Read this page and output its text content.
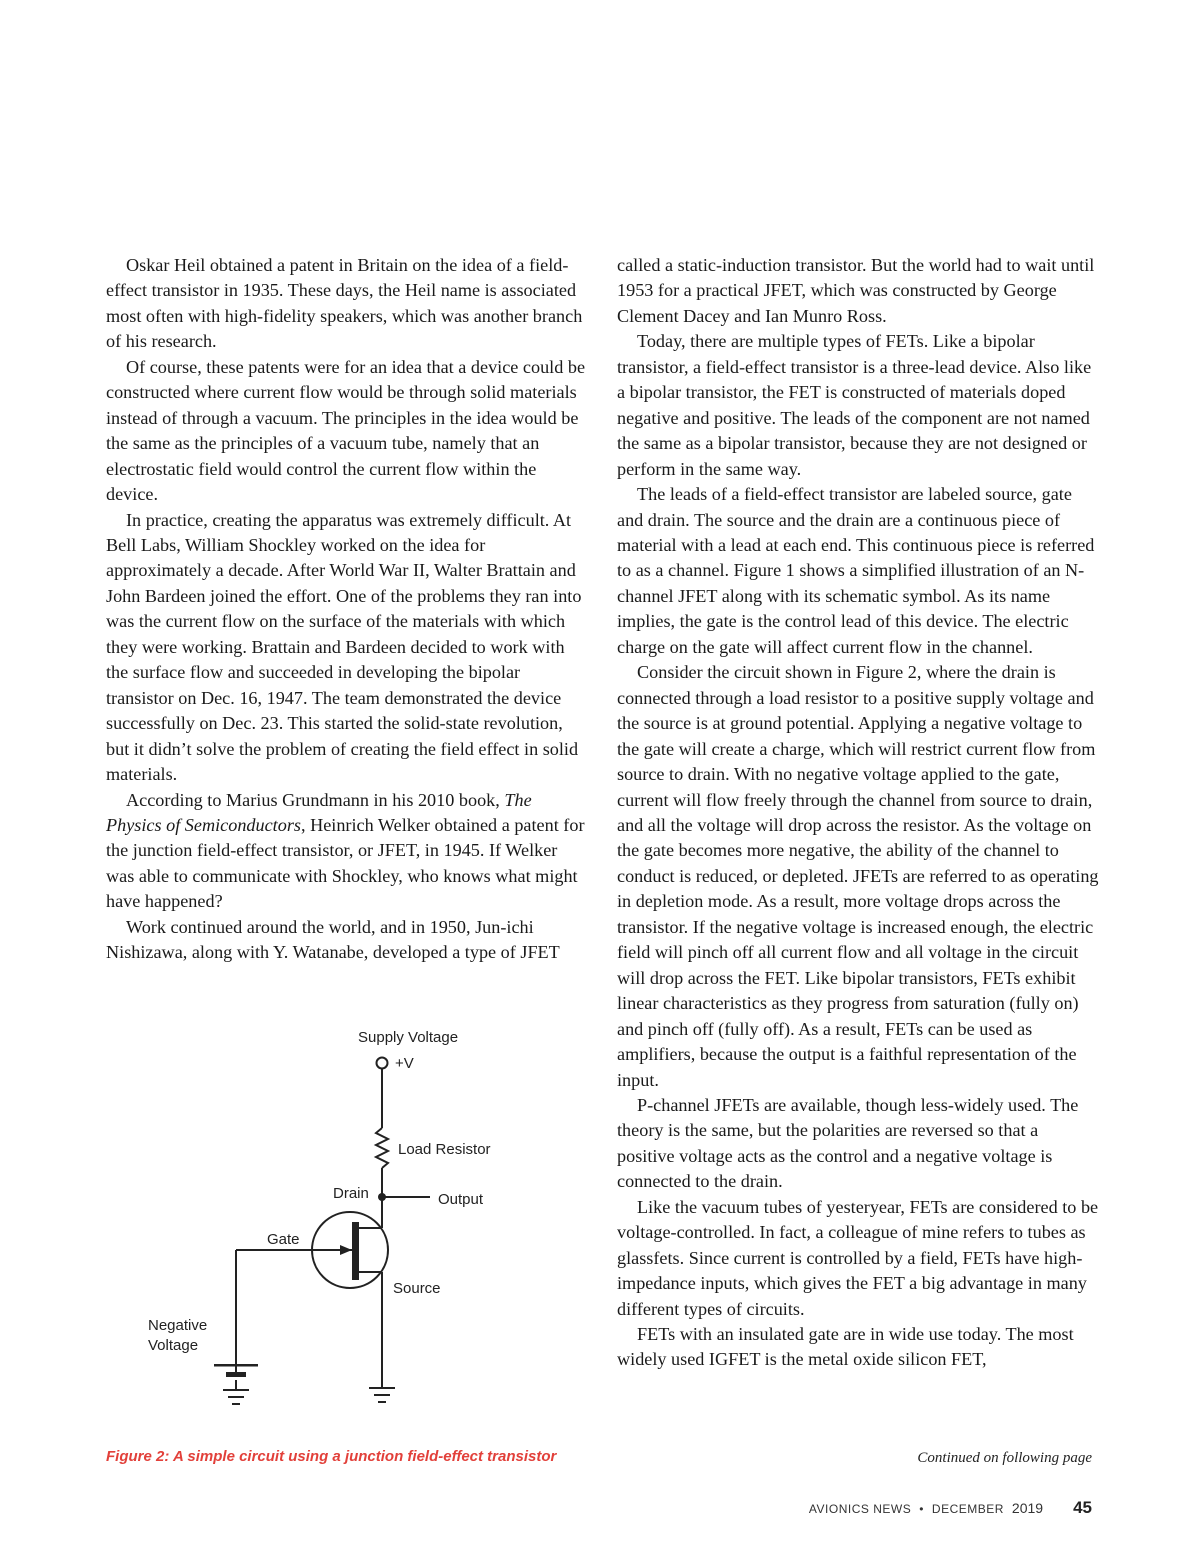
Oskar Heil obtained a patent in Britain on the idea of a field-effect transistor in 1935. These days, the Heil name is associated most often with high-fidelity speakers, which was another branch of his research.

Of course, these patents were for an idea that a device could be constructed where current flow would be through solid materials instead of through a vacuum. The principles in the idea would be the same as the principles of a vacuum tube, namely that an electrostatic field would control the current flow within the device.

In practice, creating the apparatus was extremely difficult. At Bell Labs, William Shockley worked on the idea for approximately a decade. After World War II, Walter Brattain and John Bardeen joined the effort. One of the problems they ran into was the current flow on the surface of the materials with which they were working. Brattain and Bardeen decided to work with the surface flow and succeeded in developing the bipolar transistor on Dec. 16, 1947. The team demonstrated the device successfully on Dec. 23. This started the solid-state revolution, but it didn’t solve the problem of creating the field effect in solid materials.

According to Marius Grundmann in his 2010 book, The Physics of Semiconductors, Heinrich Welker obtained a patent for the junction field-effect transistor, or JFET, in 1945. If Welker was able to communicate with Shockley, who knows what might have happened?

Work continued around the world, and in 1950, Jun-ichi Nishizawa, along with Y. Watanabe, developed a type of JFET

called a static-induction transistor. But the world had to wait until 1953 for a practical JFET, which was constructed by George Clement Dacey and Ian Munro Ross.

Today, there are multiple types of FETs. Like a bipolar transistor, a field-effect transistor is a three-lead device. Also like a bipolar transistor, the FET is constructed of materials doped negative and positive. The leads of the component are not named the same as a bipolar transistor, because they are not designed or perform in the same way.

The leads of a field-effect transistor are labeled source, gate and drain. The source and the drain are a continuous piece of material with a lead at each end. This continuous piece is referred to as a channel. Figure 1 shows a simplified illustration of an N-channel JFET along with its schematic symbol. As its name implies, the gate is the control lead of this device. The electric charge on the gate will affect current flow in the channel.

Consider the circuit shown in Figure 2, where the drain is connected through a load resistor to a positive supply voltage and the source is at ground potential. Applying a negative voltage to the gate will create a charge, which will restrict current flow from source to drain. With no negative voltage applied to the gate, current will flow freely through the channel from source to drain, and all the voltage will drop across the resistor. As the voltage on the gate becomes more negative, the ability of the channel to conduct is reduced, or depleted. JFETs are referred to as operating in depletion mode. As a result, more voltage drops across the transistor. If the negative voltage is increased enough, the electric field will pinch off all current flow and all voltage in the circuit will drop across the FET. Like bipolar transistors, FETs exhibit linear characteristics as they progress from saturation (fully on) and pinch off (fully off). As a result, FETs can be used as amplifiers, because the output is a faithful representation of the input.

P-channel JFETs are available, though less-widely used. The theory is the same, but the polarities are reversed so that a positive voltage acts as the control and a negative voltage is connected to the drain.

Like the vacuum tubes of yesteryear, FETs are considered to be voltage-controlled. In fact, a colleague of mine refers to tubes as glassfets. Since current is controlled by a field, FETs have high-impedance inputs, which gives the FET a big advantage in many different types of circuits.

FETs with an insulated gate are in wide use today. The most widely used IGFET is the metal oxide silicon FET,

Supply Voltage
+V
Load Resistor
Drain	Output
Gate
Source
Negative
Voltage
Figure 2: A simple circuit using a junction field-effect transistor	Continued on following page
AVIONICS NEWS • DECEMBER 2019 45
